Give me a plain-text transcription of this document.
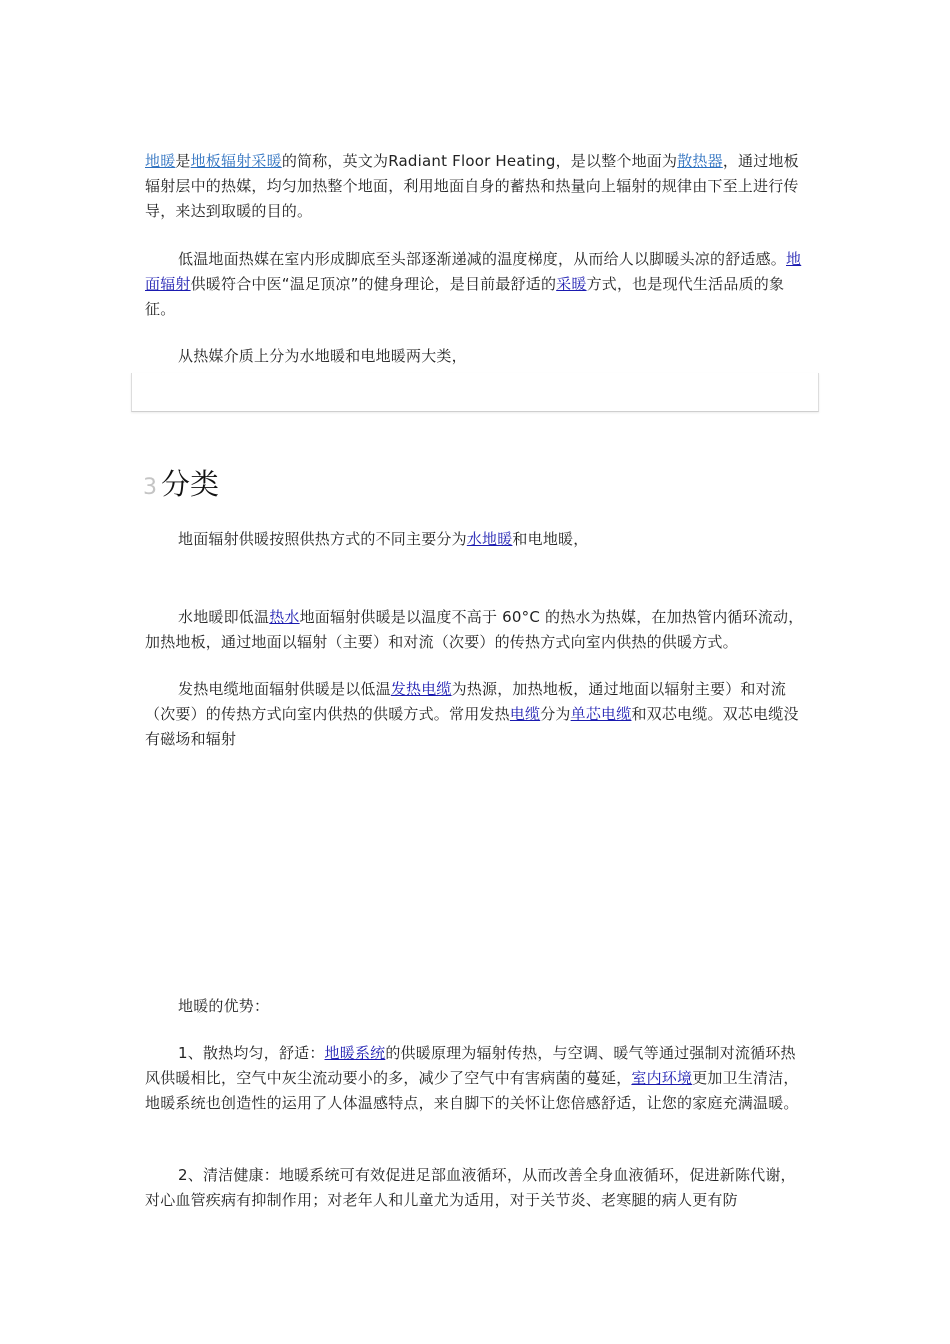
地暖是地板辐射采暖的简称，英文为Radiant Floor Heating，是以整个地面为散热器，通过地板辐射层中的热媒，均匀加热整个地面，利用地面自身的蓄热和热量向上辐射的规律由下至上进行传导，来达到取暖的目的。

低温地面热媒在室内形成脚底至头部逐渐递减的温度梯度，从而给人以脚暖头凉的舒适感。地面辐射供暖符合中医“温足顶凉”的健身理论，是目前最舒适的采暖方式，也是现代生活品质的象征。

从热媒介质上分为水地暖和电地暖两大类，

3 分类

地面辐射供暖按照供热方式的不同主要分为水地暖和电地暖，

水地暖即低温热水地面辐射供暖是以温度不高于 60°C 的热水为热媒，在加热管内循环流动，加热地板，通过地面以辐射（主要）和对流（次要）的传热方式向室内供热的供暖方式。

发热电缆地面辐射供暖是以低温发热电缆为热源，加热地板，通过地面以辐射主要）和对流（次要）的传热方式向室内供热的供暖方式。常用发热电缆分为单芯电缆和双芯电缆。双芯电缆没有磁场和辐射

地暖的优势：

1、散热均匀，舒适：地暖系统的供暖原理为辐射传热，与空调、暖气等通过强制对流循环热风供暖相比，空气中灰尘流动要小的多，减少了空气中有害病菌的蔓延，室内环境更加卫生清洁，地暖系统也创造性的运用了人体温感特点，来自脚下的关怀让您倍感舒适，让您的家庭充满温暖。

2、清洁健康：地暖系统可有效促进足部血液循环，从而改善全身血液循环，促进新陈代谢，对心血管疾病有抑制作用；对老年人和儿童尤为适用，对于关节炎、老寒腿的病人更有防
